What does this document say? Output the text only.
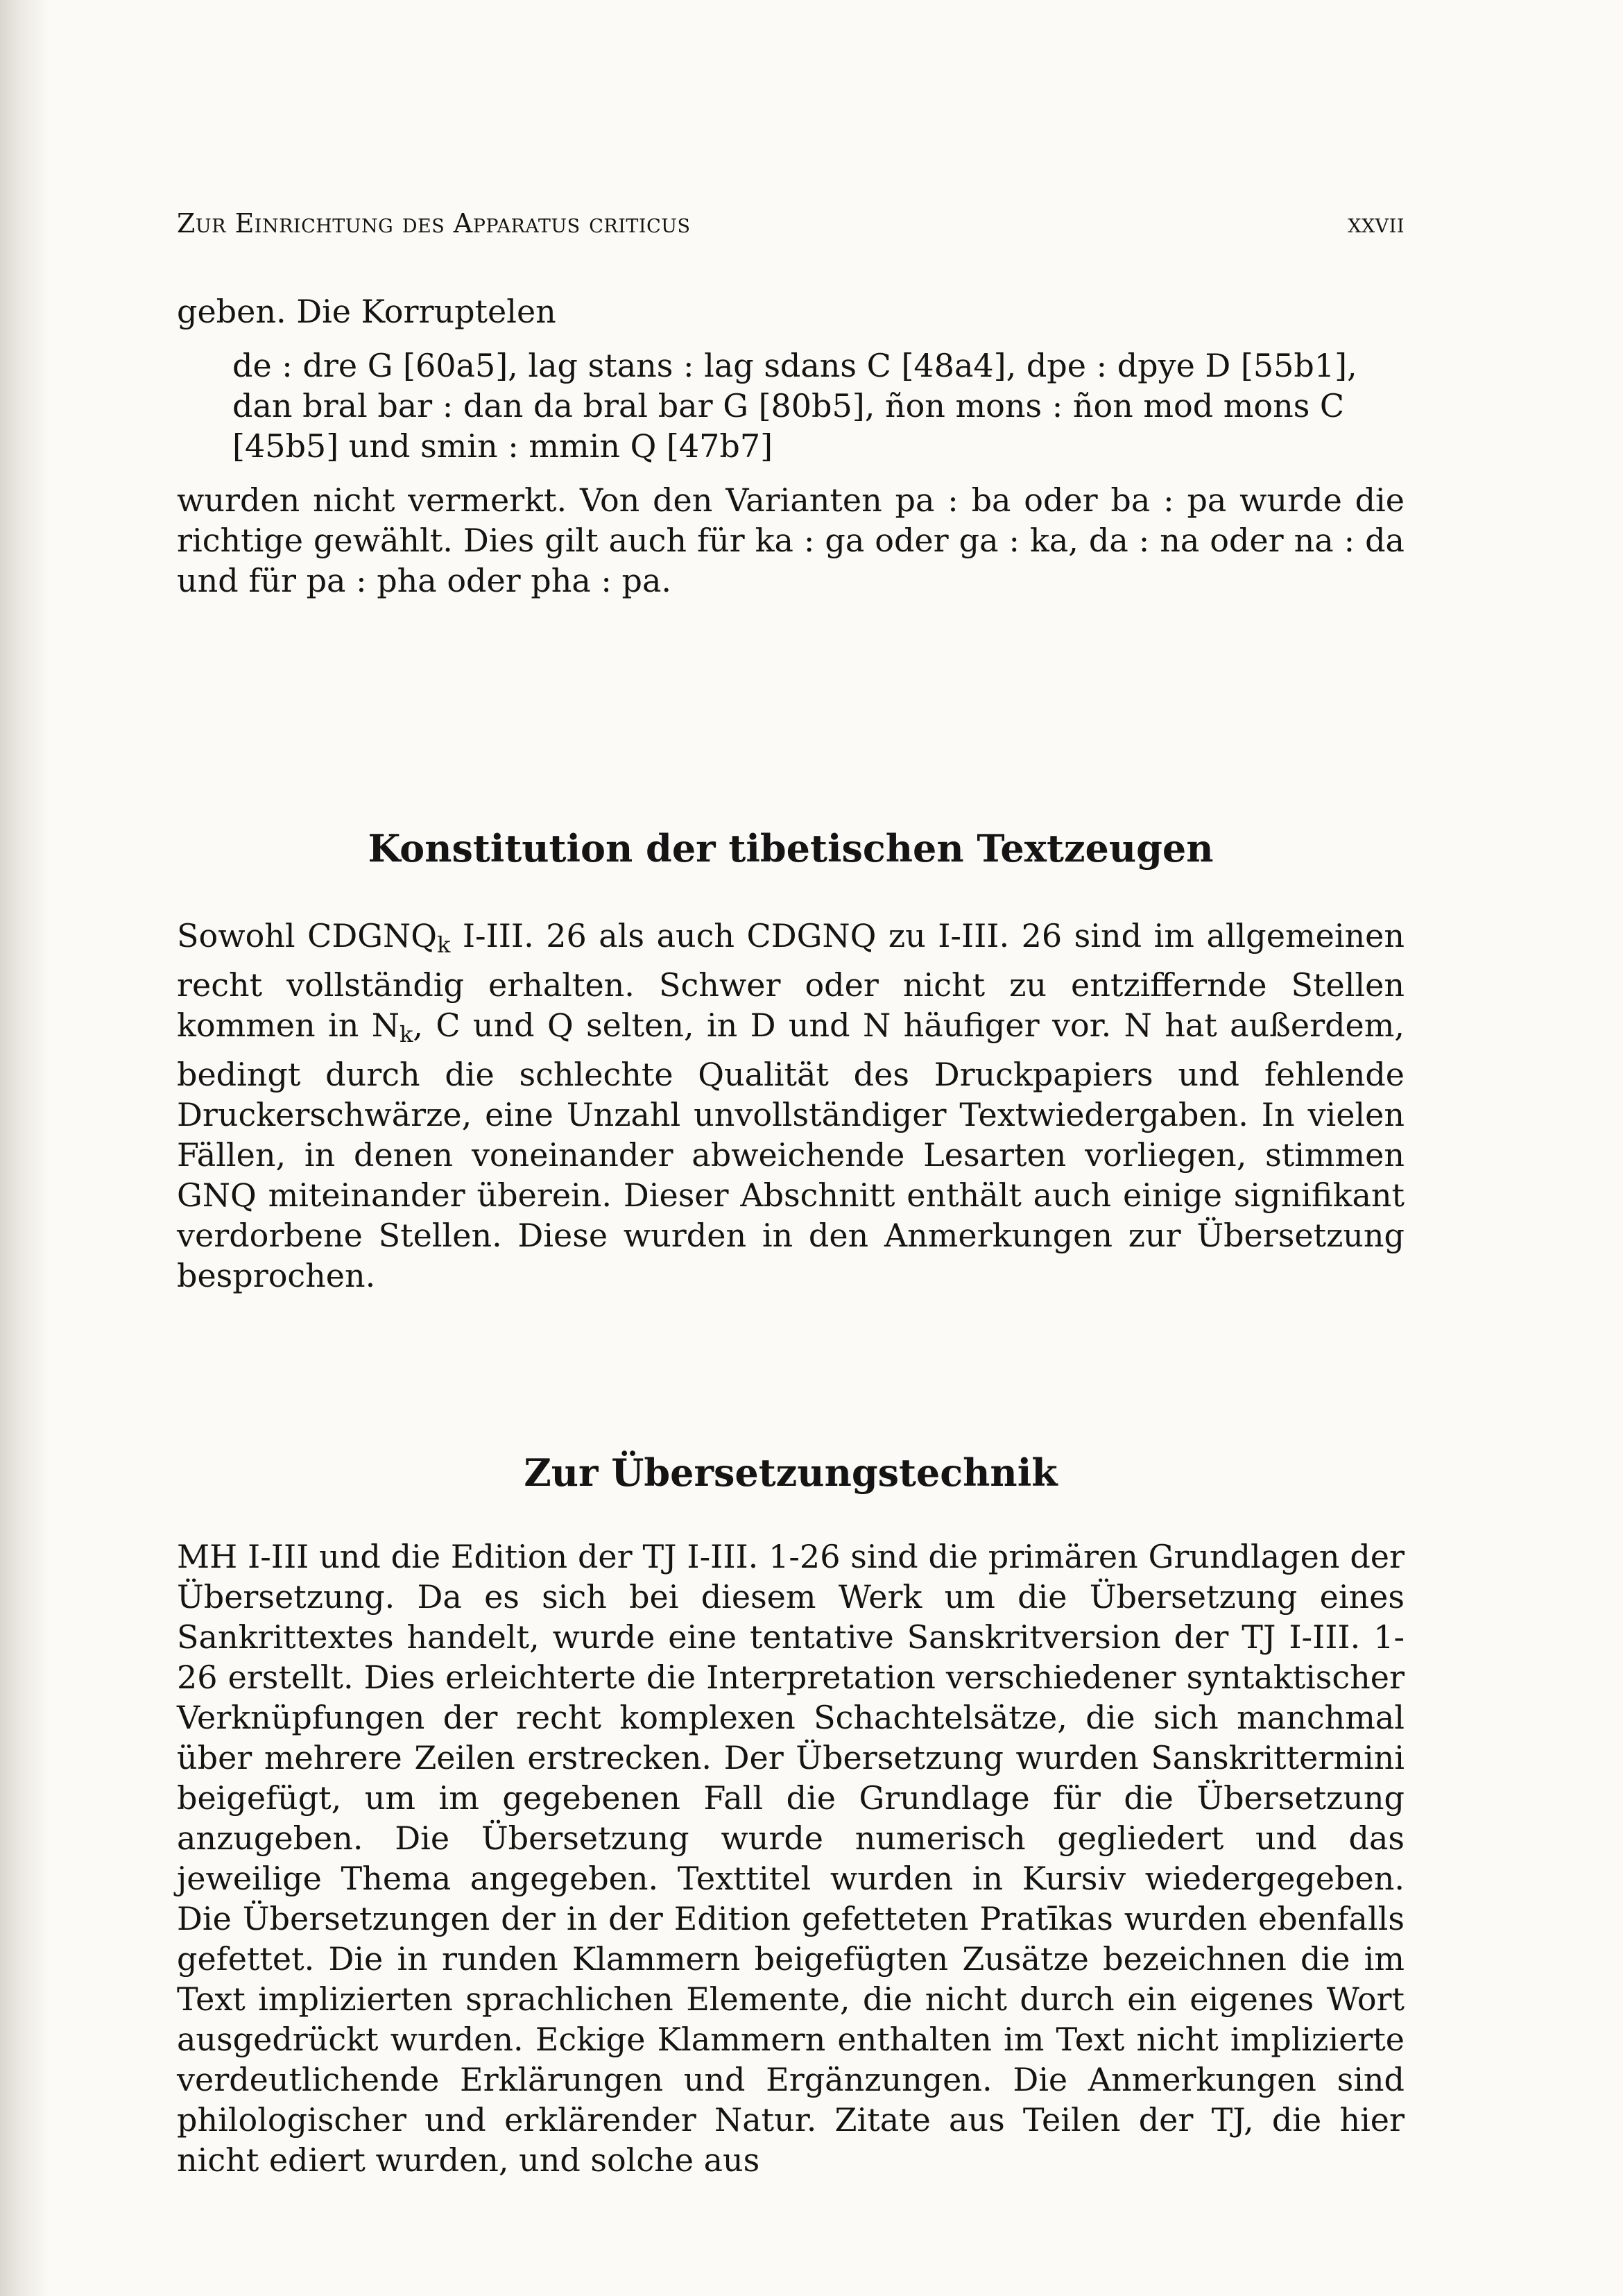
Zur Einrichtung des Apparatus criticus	xxvii

geben. Die Korruptelen

de : dre G [60a5], lag stans : lag sdans C [48a4], dpe : dpye D [55b1],
dan bral bar : dan da bral bar G [80b5], ñon mons : ñon mod mons C
[45b5] und smin : mmin Q [47b7]

wurden nicht vermerkt. Von den Varianten pa : ba oder ba : pa wurde die richtige gewählt. Dies gilt auch für ka : ga oder ga : ka, da : na oder na : da und für pa : pha oder pha : pa.

Konstitution der tibetischen Textzeugen

Sowohl $CDGNQ_k$ I-III. 26 als auch CDGNQ zu I-III. 26 sind im allgemeinen recht vollständig erhalten. Schwer oder nicht zu entziffernde Stellen kommen in $N_k$, C und Q selten, in D und N häufiger vor. N hat außerdem, bedingt durch die schlechte Qualität des Druckpapiers und fehlende Druckerschwärze, eine Unzahl unvollständiger Textwiedergaben. In vielen Fällen, in denen voneinander abweichende Lesarten vorliegen, stimmen GNQ miteinander überein. Dieser Abschnitt enthält auch einige signifikant verdorbene Stellen. Diese wurden in den Anmerkungen zur Übersetzung besprochen.

Zur Übersetzungstechnik

MH I-III und die Edition der TJ I-III. 1-26 sind die primären Grundlagen der Übersetzung. Da es sich bei diesem Werk um die Übersetzung eines Sankrittextes handelt, wurde eine tentative Sanskritversion der TJ I-III. 1-26 erstellt. Dies erleichterte die Interpretation verschiedener syntaktischer Verknüpfungen der recht komplexen Schachtelsätze, die sich manchmal über mehrere Zeilen erstrecken. Der Übersetzung wurden Sanskrittermini beigefügt, um im gegebenen Fall die Grundlage für die Übersetzung anzugeben. Die Übersetzung wurde numerisch gegliedert und das jeweilige Thema angegeben. Texttitel wurden in Kursiv wiedergegeben. Die Übersetzungen der in der Edition gefetteten Pratīkas wurden ebenfalls gefettet. Die in runden Klammern beigefügten Zusätze bezeichnen die im Text implizierten sprachlichen Elemente, die nicht durch ein eigenes Wort ausgedrückt wurden. Eckige Klammern enthalten im Text nicht implizierte verdeutlichende Erklärungen und Ergänzungen. Die Anmerkungen sind philologischer und erklärender Natur. Zitate aus Teilen der TJ, die hier nicht ediert wurden, und solche aus
